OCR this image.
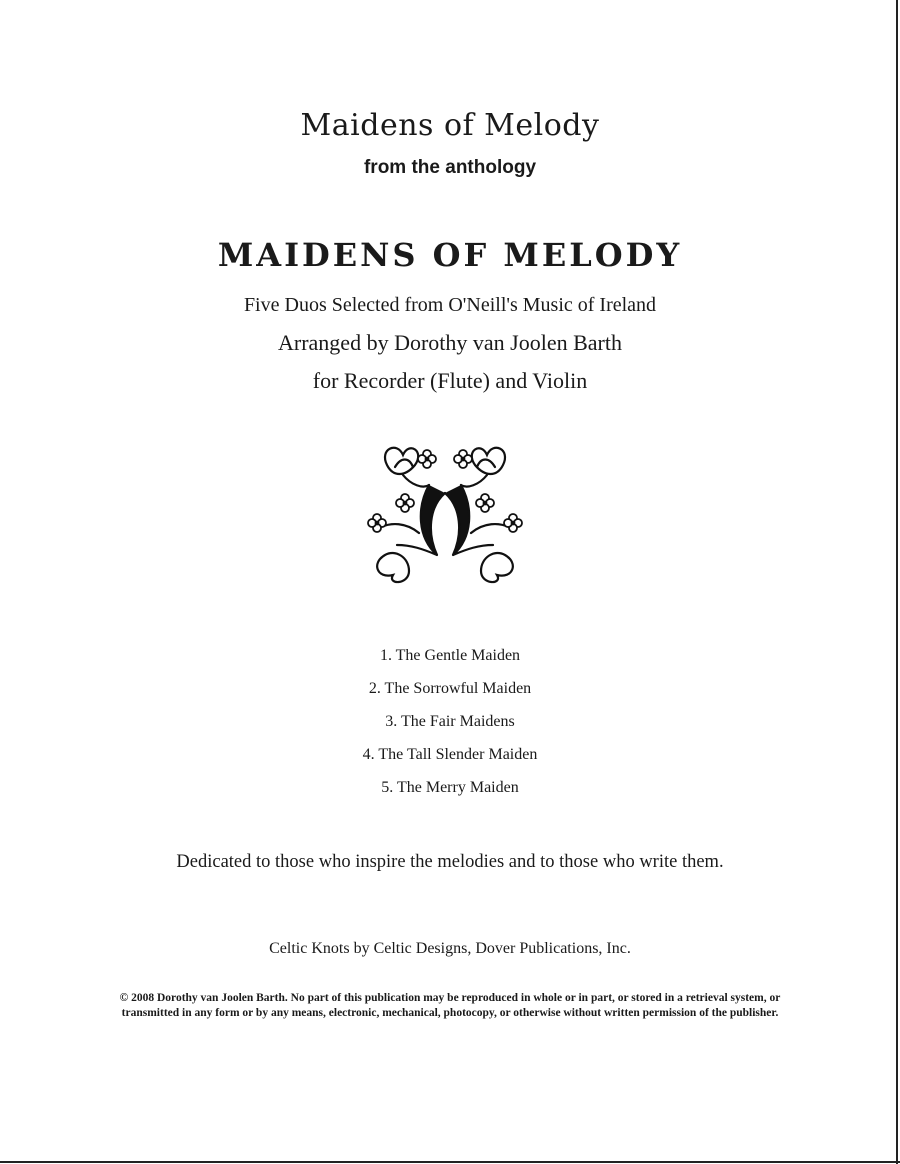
Maidens of Melody
from the anthology
MAIDENS OF MELODY
Five Duos Selected from O'Neill's Music of Ireland
Arranged by Dorothy van Joolen Barth
for Recorder (Flute) and Violin
1. The Gentle Maiden
2. The Sorrowful Maiden
3. The Fair Maidens
4. The Tall Slender Maiden
5. The Merry Maiden
Dedicated to those who inspire the melodies and to those who write them.
Celtic Knots by Celtic Designs, Dover Publications, Inc.
© 2008 Dorothy van Joolen Barth. No part of this publication may be reproduced in whole or in part, or stored in a retrieval system, or transmitted in any form or by any means, electronic, mechanical, photocopy, or otherwise without written permission of the publisher.
